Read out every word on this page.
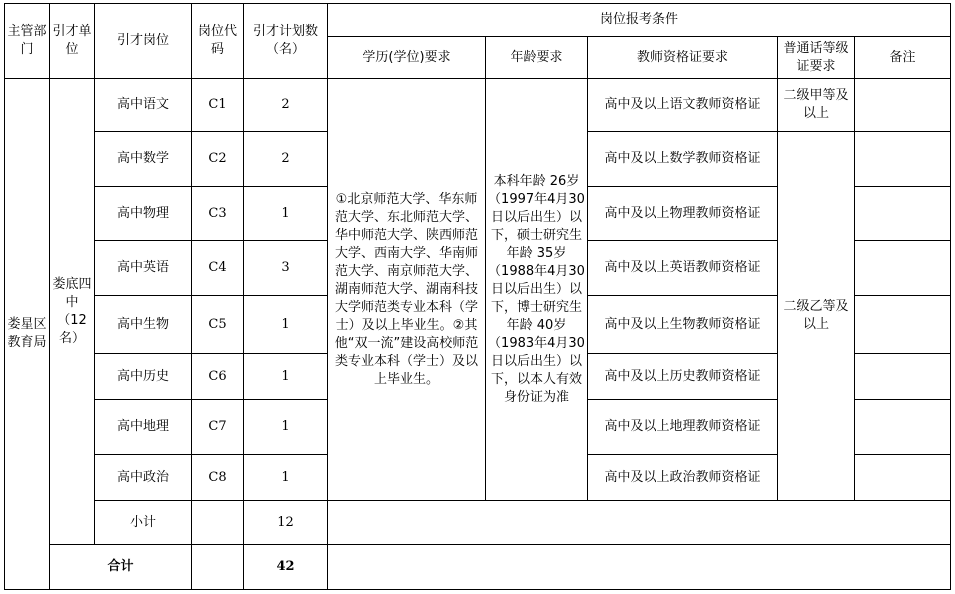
主管部门	引才单位	引才岗位	岗位代码	引才计划数（名）	岗位报考条件				
					学历(学位)要求	年龄要求	教师资格证要求	普通话等级证要求	备注
娄星区教育局	娄底四中（12名）	高中语文	C1	2	①北京师范大学、华东师范大学、东北师范大学、华中师范大学、陕西师范大学、西南大学、华南师范大学、南京师范大学、湖南师范大学、湖南科技大学师范类专业本科（学士）及以上毕业生。②其他“双一流”建设高校师范类专业本科（学士）及以上毕业生。	本科年龄 26岁（1997年4月30日以后出生）以下，硕士研究生年龄 35岁（1988年4月30日以后出生）以下，博士研究生年龄 40岁（1983年4月30日以后出生）以下，以本人有效身份证为准	高中及以上语文教师资格证	二级甲等及以上	
		高中数学	C2	2			高中及以上数学教师资格证	二级乙等及以上	
		高中物理	C3	1			高中及以上物理教师资格证		
		高中英语	C4	3			高中及以上英语教师资格证		
		高中生物	C5	1			高中及以上生物教师资格证		
		高中历史	C6	1			高中及以上历史教师资格证		
		高中地理	C7	1			高中及以上地理教师资格证		
		高中政治	C8	1			高中及以上政治教师资格证		
		小计		12					
	合计			42					
